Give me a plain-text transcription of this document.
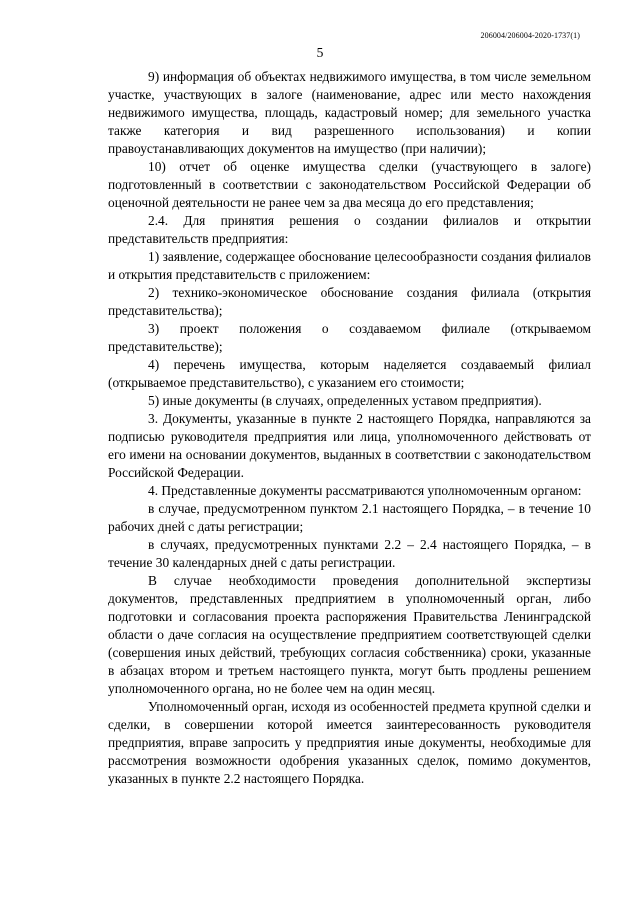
206004/206004-2020-1737(1)
5

9) информация об объектах недвижимого имущества, в том числе земельном участке, участвующих в залоге (наименование, адрес или место нахождения недвижимого имущества, площадь, кадастровый номер; для земельного участка также категория и вид разрешенного использования) и копии правоустанавливающих документов на имущество (при наличии);

10) отчет об оценке имущества сделки (участвующего в залоге) подготовленный в соответствии с законодательством Российской Федерации об оценочной деятельности не ранее чем за два месяца до его представления;

2.4. Для принятия решения о создании филиалов и открытии представительств предприятия:

1) заявление, содержащее обоснование целесообразности создания филиалов и открытия представительств с приложением:

2) технико-экономическое обоснование создания филиала (открытия представительства);

3) проект положения о создаваемом филиале (открываемом представительстве);

4) перечень имущества, которым наделяется создаваемый филиал (открываемое представительство), с указанием его стоимости;

5) иные документы (в случаях, определенных уставом предприятия).

3. Документы, указанные в пункте 2 настоящего Порядка, направляются за подписью руководителя предприятия или лица, уполномоченного действовать от его имени на основании документов, выданных в соответствии с законодательством Российской Федерации.

4. Представленные документы рассматриваются уполномоченным органом:

в случае, предусмотренном пунктом 2.1 настоящего Порядка, – в течение 10 рабочих дней с даты регистрации;

в случаях, предусмотренных пунктами 2.2 – 2.4 настоящего Порядка, – в течение 30 календарных дней с даты регистрации.

В случае необходимости проведения дополнительной экспертизы документов, представленных предприятием в уполномоченный орган, либо подготовки и согласования проекта распоряжения Правительства Ленинградской области о даче согласия на осуществление предприятием соответствующей сделки (совершения иных действий, требующих согласия собственника) сроки, указанные в абзацах втором и третьем настоящего пункта, могут быть продлены решением уполномоченного органа, но не более чем на один месяц.

Уполномоченный орган, исходя из особенностей предмета крупной сделки и сделки, в совершении которой имеется заинтересованность руководителя предприятия, вправе запросить у предприятия иные документы, необходимые для рассмотрения возможности одобрения указанных сделок, помимо документов, указанных в пункте 2.2 настоящего Порядка.
